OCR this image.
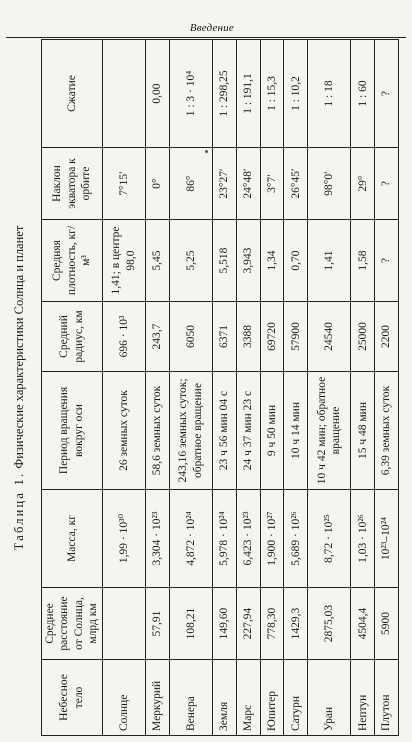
Введение
Таблица 1. Физические характеристики Солнца и планет
Небесное тело	Среднее расстояние от Солнца, млрд км	Масса, кг	Период вращения вокруг оси	Средний радиус, км	Средняя плотность, кг/м³	Наклон экватора к орбите	Сжатие
Солнце		1,99 · 10³⁰	26 земных суток	696 · 10³	1,41; в центре 98,0	7°15′	
Меркурий	57,91	3,304 · 10²³	58,6 земных суток	243,7	5,45	0°	0,00
Венера	108,21	4,872 · 10²⁴	243,16 земных суток; обратное вращение	6050	5,25	86°	1 : 3 · 10⁴
Земля	149,60	5,978 · 10²⁴	23 ч 56 мин 04 с	6371	5,518	23°27′	1 : 298,25
Марс	227,94	6,423 · 10²³	24 ч 37 мин 23 с	3388	3,943	24°48′	1 : 191,1
Юпитер	778,30	1,900 · 10²⁷	9 ч 50 мин	69720	1,34	3°7′	1 : 15,3
Сатурн	1429,3	5,689 · 10²⁶	10 ч 14 мин	57900	0,70	26°45′	1 : 10,2
Уран	2875,03	8,72 · 10²⁵	10 ч 42 мин; обратное вращение	24540	1,41	98°0′	1 : 18
Нептун	4504,4	1,03 · 10²⁶	15 ч 48 мин	25000	1,58	29°	1 : 60
Плутон	5900	10²³–10²⁴	6,39 земных суток	2200	?	?	?
